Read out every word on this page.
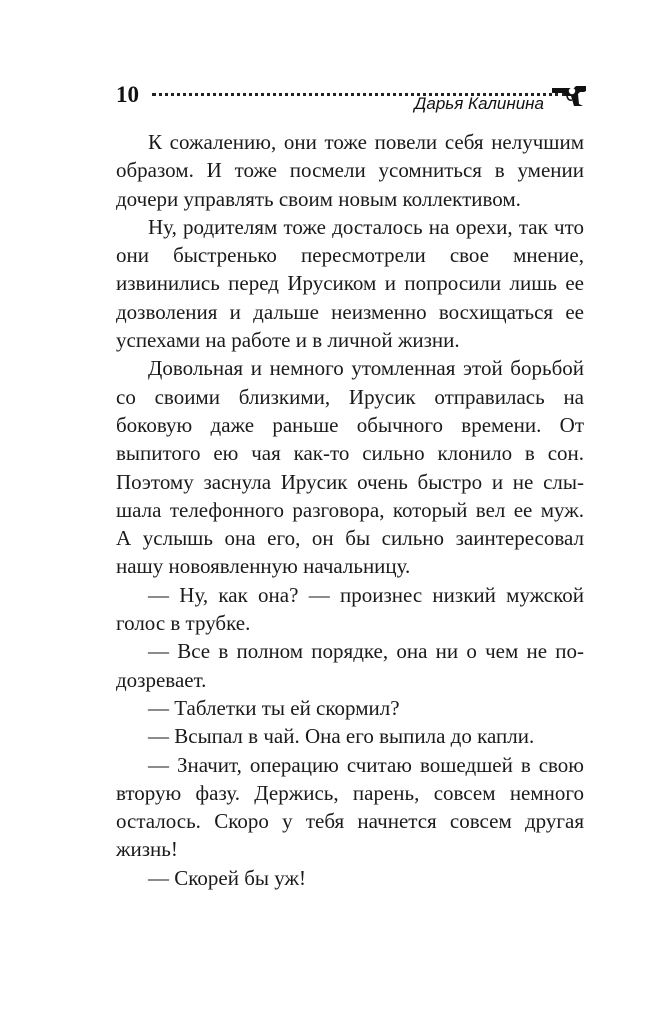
10	Дарья Калинина

К сожалению, они тоже повели себя нелучшим образом. И тоже посмели усомниться в умении дочери управлять своим новым коллективом.

Ну, родителям тоже досталось на орехи, так что они быстренько пересмотрели свое мнение, извинились перед Ирусиком и попросили лишь ее дозволения и дальше неизменно восхищаться ее успехами на работе и в личной жизни.

Довольная и немного утомленная этой борьбой со своими близкими, Ирусик отправилась на боковую даже раньше обычного времени. От выпитого ею чая как-то сильно клонило в сон. Поэтому заснула Ирусик очень быстро и не слышала телефонного разговора, который вел ее муж. А услышь она его, он бы сильно заинтересовал нашу новоявленную начальницу.

— Ну, как она? — произнес низкий мужской голос в трубке.

— Все в полном порядке, она ни о чем не подозревает.

— Таблетки ты ей скормил?

— Всыпал в чай. Она его выпила до капли.

— Значит, операцию считаю вошедшей в свою вторую фазу. Держись, парень, совсем немного осталось. Скоро у тебя начнется совсем другая жизнь!

— Скорей бы уж!
